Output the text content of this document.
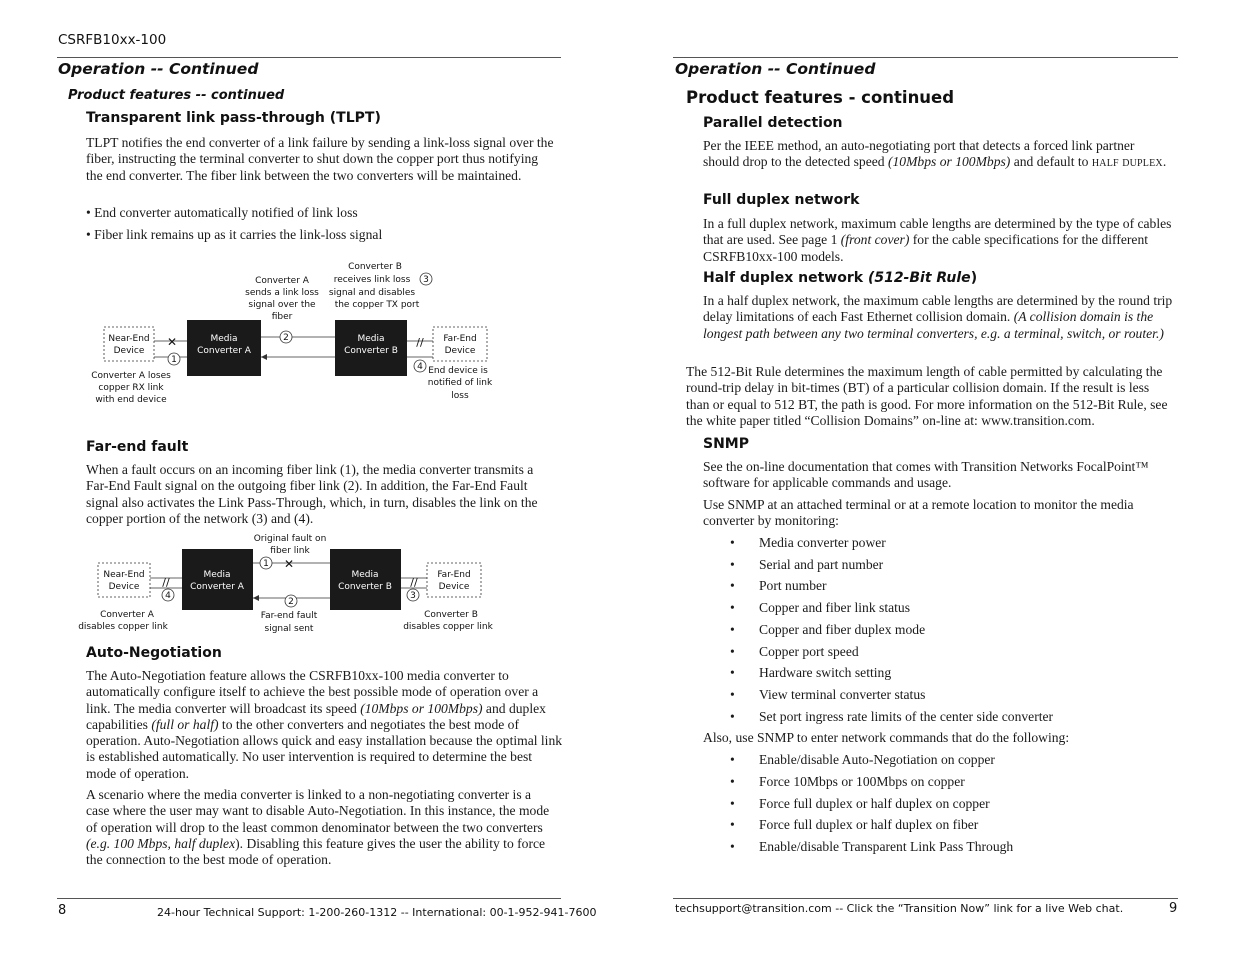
CSRFB10xx-100
Operation -- Continued
Product features -- continued
Transparent link pass-through (TLPT)

TLPT notifies the end converter of a link failure by sending a link-loss signal over the fiber, instructing the terminal converter to shut down the copper port thus notifying the end converter. The fiber link between the two converters will be maintained.

• End converter automatically notified of link loss
• Fiber link remains up as it carries the link-loss signal
Near-End
Device
Media
Converter A
Media
Converter B
Far-End
Device
✕	//
1
2
3
4
Converter A
sends a link loss
signal over the
fiber
Converter B
receives link loss
signal and disables
the copper TX port
Converter A loses
copper RX link
with end device
End device is
notified of link
loss
Far-end fault

When a fault occurs on an incoming fiber link (1), the media converter transmits a Far-End Fault signal on the outgoing fiber link (2). In addition, the Far-End Fault signal also activates the Link Pass-Through, which, in turn, disables the link on the copper portion of the network (3) and (4).

Near-End
Device
Media
Converter A
Media
Converter B
Far-End
Device
//
✕
//
1
2
3
4
Original fault on
fiber link
Far-end fault
signal sent
Converter A
disables copper link
Converter B
disables copper link
Auto-Negotiation

The Auto-Negotiation feature allows the CSRFB10xx-100 media converter to automatically configure itself to achieve the best possible mode of operation over a link. The media converter will broadcast its speed (10Mbps or 100Mbps) and duplex capabilities (full or half) to the other converters and negotiates the best mode of operation. Auto-Negotiation allows quick and easy installation because the optimal link is established automatically. No user intervention is required to determine the best mode of operation.

A scenario where the media converter is linked to a non-negotiating converter is a case where the user may want to disable Auto-Negotiation. In this instance, the mode of operation will drop to the least common denominator between the two converters (e.g. 100 Mbps, half duplex). Disabling this feature gives the user the ability to force the connection to the best mode of operation.

8	24-hour Technical Support: 1-200-260-1312 -- International: 00-1-952-941-7600
Operation -- Continued
Product features - continued
Parallel detection

Per the IEEE method, an auto-negotiating port that detects a forced link partner should drop to the detected speed (10Mbps or 100Mbps) and default to HALF DUPLEX.

Full duplex network

In a full duplex network, maximum cable lengths are determined by the type of cables that are used. See page 1 (front cover) for the cable specifications for the different CSRFB10xx-100 models.

Half duplex network (512-Bit Rule)

In a half duplex network, the maximum cable lengths are determined by the round trip delay limitations of each Fast Ethernet collision domain. (A collision domain is the longest path between any two terminal converters, e.g. a terminal, switch, or router.)

The 512-Bit Rule determines the maximum length of cable permitted by calculating the round-trip delay in bit-times (BT) of a particular collision domain. If the result is less than or equal to 512 BT, the path is good. For more information on the 512-Bit Rule, see the white paper titled “Collision Domains” on-line at: www.transition.com.

SNMP

See the on-line documentation that comes with Transition Networks FocalPoint™ software for applicable commands and usage.

Use SNMP at an attached terminal or at a remote location to monitor the media converter by monitoring:

• Media converter power
• Serial and part number
• Port number
• Copper and fiber link status
• Copper and fiber duplex mode
• Copper port speed
• Hardware switch setting
• View terminal converter status
• Set port ingress rate limits of the center side converter
Also, use SNMP to enter network commands that do the following:
• Enable/disable Auto-Negotiation on copper
• Force 10Mbps or 100Mbps on copper
• Force full duplex or half duplex on copper
• Force full duplex or half duplex on fiber
• Enable/disable Transparent Link Pass Through
techsupport@transition.com -- Click the “Transition Now” link for a live Web chat.	9
